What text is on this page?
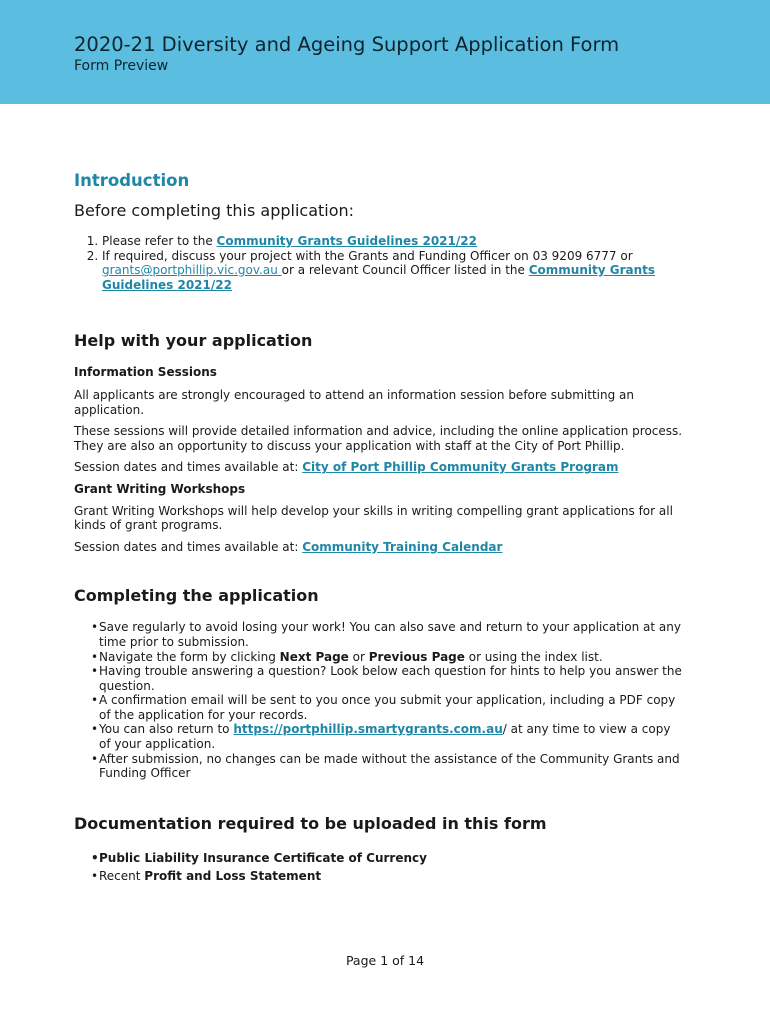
2020-21 Diversity and Ageing Support Application Form
Form Preview
Introduction
Before completing this application:
1. Please refer to the Community Grants Guidelines 2021/22
2. If required, discuss your project with the Grants and Funding Officer on 03 9209 6777 or grants@portphillip.vic.gov.au or a relevant Council Officer listed in the Community Grants Guidelines 2021/22
Help with your application
Information Sessions

All applicants are strongly encouraged to attend an information session before submitting an application.

These sessions will provide detailed information and advice, including the online application process. They are also an opportunity to discuss your application with staff at the City of Port Phillip.

Session dates and times available at: City of Port Phillip Community Grants Program

Grant Writing Workshops

Grant Writing Workshops will help develop your skills in writing compelling grant applications for all kinds of grant programs.

Session dates and times available at: Community Training Calendar

Completing the application
• Save regularly to avoid losing your work! You can also save and return to your application at any time prior to submission.
• Navigate the form by clicking Next Page or Previous Page or using the index list.
• Having trouble answering a question? Look below each question for hints to help you answer the question.
• A confirmation email will be sent to you once you submit your application, including a PDF copy of the application for your records.
• You can also return to https://portphillip.smartygrants.com.au/ at any time to view a copy of your application.
• After submission, no changes can be made without the assistance of the Community Grants and Funding Officer
Documentation required to be uploaded in this form
• Public Liability Insurance Certificate of Currency
• Recent Profit and Loss Statement
Page 1 of 14
